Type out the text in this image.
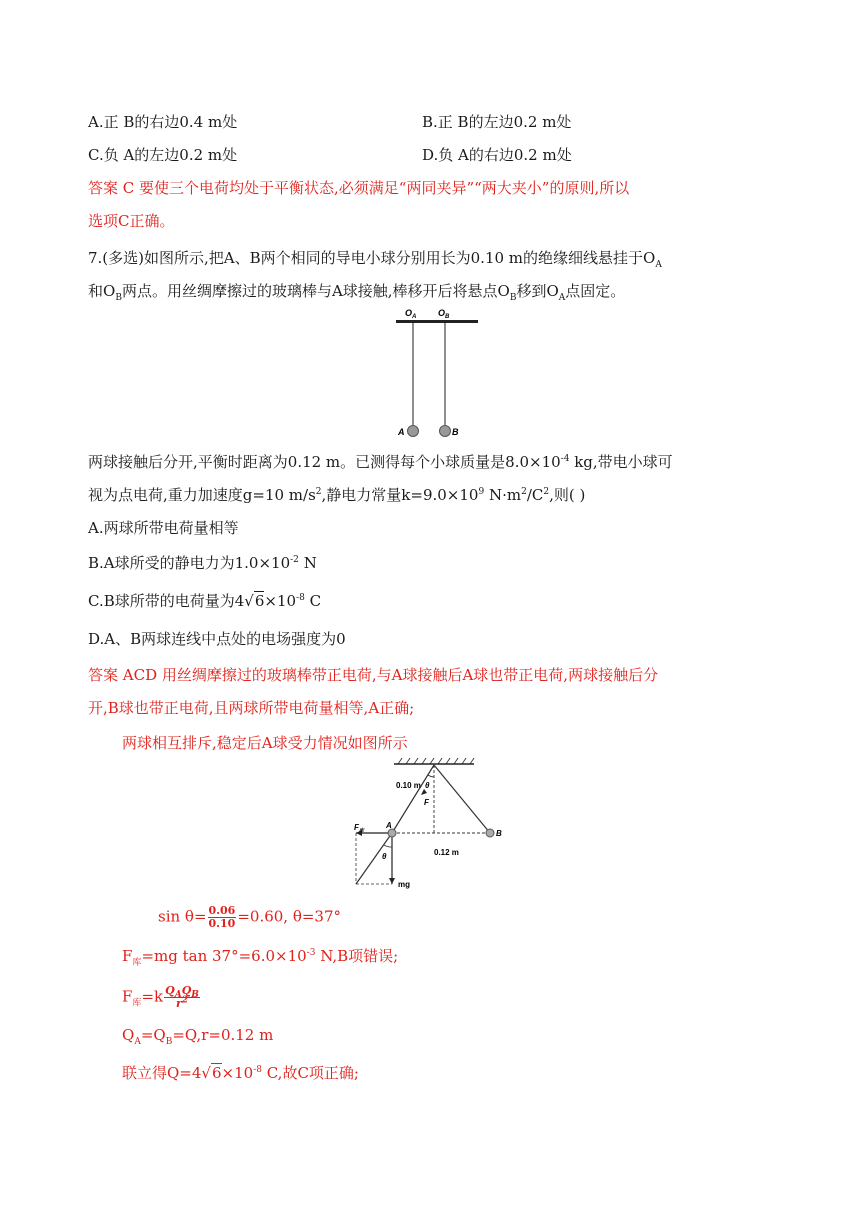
A.正 B的右边0.4 m处	B.正 B的左边0.2 m处
C.负 A的左边0.2 m处	D.负 A的右边0.2 m处
答案 C 要使三个电荷均处于平衡状态,必须满足“两同夹异”“两大夹小”的原则,所以
选项C正确。
7.(多选)如图所示,把A、B两个相同的导电小球分别用长为0.10 m的绝缘细线悬挂于$O_A$
和$O_B$两点。用丝绸摩擦过的玻璃棒与A球接触,棒移开后将悬点$O_B$移到$O_A$点固定。
$O_A$ $O_B$
A	B
两球接触后分开,平衡时距离为0.12 m。已测得每个小球质量是$8.0\times 10^{-4}$ kg,带电小球可
视为点电荷,重力加速度g=10 $m/s^2$,静电力常量$k=9.0\times 10^9$ $N\cdot m^2/C^2$,则( )
A.两球所带电荷量相等
B.A球所受的静电力为$1.0\times 10^{-2}$ N
C.B球所带的电荷量为$4√6\times 10^{-8}$ C
D.A、B两球连线中点处的电场强度为0
答案 ACD 用丝绸摩擦过的玻璃棒带正电荷,与A球接触后A球也带正电荷,两球接触后分
开,B球也带正电荷,且两球所带电荷量相等,A正确;
两球相互排斥,稳定后A球受力情况如图所示
0.10 m θ
F
$F_库$
A
B
θ	0.12 m
mg
$\sin \theta= \frac{0.06}{0.10} =0.60$, θ=37°
$F_库=mg$ $\tan 37^\circ=6.0\times 10^{-3}$ N,B项错误;
$F_库=k \frac{Q_AQ_B}{r^2}$
$Q_A=Q_B=Q,r=0.12$ m
联立得$Q=4√6\times 10^{-8}$ C,故C项正确;
